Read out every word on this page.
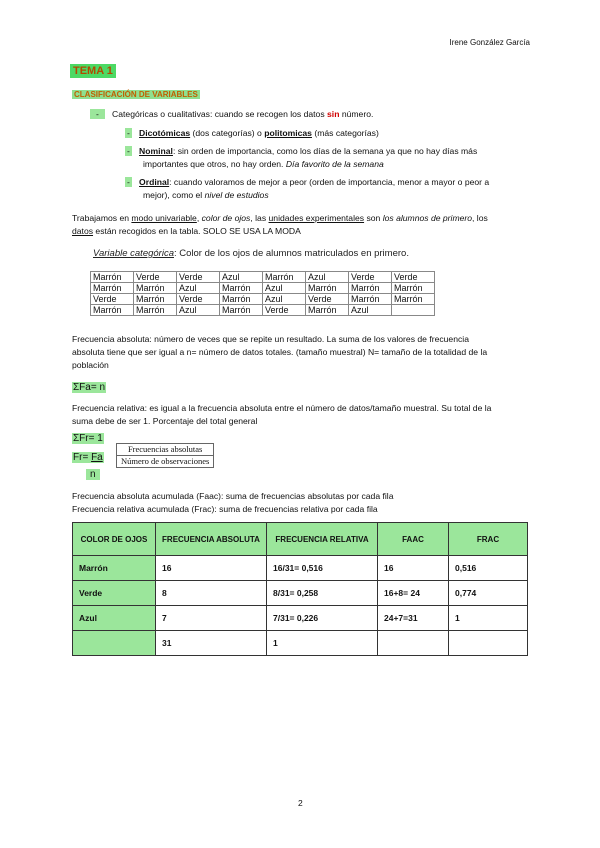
Irene González García
TEMA 1
CLASIFICACIÓN DE VARIABLES
- Categóricas o cualitativas: cuando se recogen los datos sin número.
- Dicotómicas (dos categorías) o politomicas (más categorías)
- Nominal: sin orden de importancia, como los días de la semana ya que no hay días más
importantes que otros, no hay orden. Día favorito de la semana
- Ordinal: cuando valoramos de mejor a peor (orden de importancia, menor a mayor o peor a
mejor), como el nivel de estudios
Trabajamos en modo univariable, color de ojos, las unidades experimentales son los alumnos de primero, los
datos están recogidos en la tabla. SOLO SE USA LA MODA
Variable categórica: Color de los ojos de alumnos matriculados en primero.
Marrón	Verde	Verde	Azul	Marrón	Azul	Verde	Verde
Marrón	Marrón	Azul	Marrón	Azul	Marrón	Marrón	Marrón
Verde	Marrón	Verde	Marrón	Azul	Verde	Marrón	Marrón
Marrón	Marrón	Azul	Marrón	Verde	Marrón	Azul	
Frecuencia absoluta: número de veces que se repite un resultado. La suma de los valores de frecuencia
absoluta tiene que ser igual a n= número de datos totales. (tamaño muestral) N= tamaño de la totalidad de la
población
ΣFa= n
Frecuencia relativa: es igual a la frecuencia absoluta entre el número de datos/tamaño muestral. Su total de la
suma debe de ser 1. Porcentaje del total general
ΣFr= 1
Fr= Fa
n
Frecuencias absolutas
Número de observaciones
Frecuencia absoluta acumulada (Faac): suma de frecuencias absolutas por cada fila
Frecuencia relativa acumulada (Frac): suma de frecuencias relativa por cada fila
COLOR DE OJOS	FRECUENCIA ABSOLUTA	FRECUENCIA RELATIVA	FAAC	FRAC
Marrón	16	16/31= 0,516	16	0,516
Verde	8	8/31= 0,258	16+8= 24	0,774
Azul	7	7/31= 0,226	24+7=31	1
	31	1		
2
